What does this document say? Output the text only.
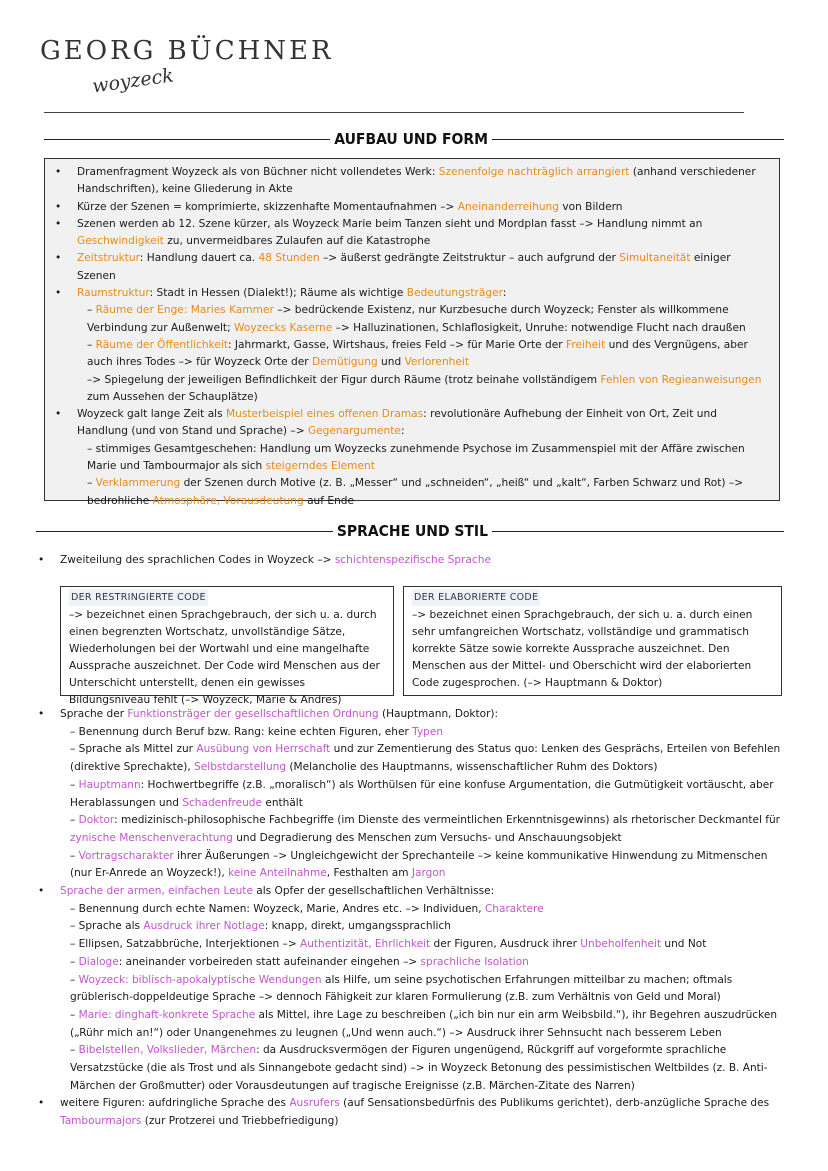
GEORG BÜCHNER
woyzeck
AUFBAU UND FORM
• Dramenfragment Woyzeck als von Büchner nicht vollendetes Werk: Szenenfolge nachträglich arrangiert (anhand verschiedener Handschriften), keine Gliederung in Akte
• Kürze der Szenen = komprimierte, skizzenhafte Momentaufnahmen –> Aneinanderreihung von Bildern
• Szenen werden ab 12. Szene kürzer, als Woyzeck Marie beim Tanzen sieht und Mordplan fasst –> Handlung nimmt an Geschwindigkeit zu, unvermeidbares Zulaufen auf die Katastrophe
• Zeitstruktur: Handlung dauert ca. 48 Stunden –> äußerst gedrängte Zeitstruktur – auch aufgrund der Simultaneität einiger Szenen
• Raumstruktur: Stadt in Hessen (Dialekt!); Räume als wichtige Bedeutungsträger:
– Räume der Enge: Maries Kammer –> bedrückende Existenz, nur Kurzbesuche durch Woyzeck; Fenster als willkommene Verbindung zur Außenwelt; Woyzecks Kaserne –> Halluzinationen, Schlaflosigkeit, Unruhe: notwendige Flucht nach draußen
– Räume der Öffentlichkeit: Jahrmarkt, Gasse, Wirtshaus, freies Feld –> für Marie Orte der Freiheit und des Vergnügens, aber auch ihres Todes –> für Woyzeck Orte der Demütigung und Verlorenheit
–> Spiegelung der jeweiligen Befindlichkeit der Figur durch Räume (trotz beinahe vollständigem Fehlen von Regieanweisungen zum Aussehen der Schauplätze)
• Woyzeck galt lange Zeit als Musterbeispiel eines offenen Dramas: revolutionäre Aufhebung der Einheit von Ort, Zeit und Handlung (und von Stand und Sprache) –> Gegenargumente:
– stimmiges Gesamtgeschehen: Handlung um Woyzecks zunehmende Psychose im Zusammenspiel mit der Affäre zwischen Marie und Tambourmajor als sich steigerndes Element
– Verklammerung der Szenen durch Motive (z. B. „Messer“ und „schneiden“, „heiß“ und „kalt“, Farben Schwarz und Rot) –> bedrohliche Atmosphäre, Vorausdeutung auf Ende
SPRACHE UND STIL
• Zweiteilung des sprachlichen Codes in Woyzeck –> schichtenspezifische Sprache
DER RESTRINGIERTE CODE
–> bezeichnet einen Sprachgebrauch, der sich u. a. durch einen begrenzten Wortschatz, unvollständige Sätze, Wiederholungen bei der Wortwahl und eine mangelhafte Aussprache auszeichnet. Der Code wird Menschen aus der Unterschicht unterstellt, denen ein gewisses Bildungsniveau fehlt (–> Woyzeck, Marie & Andres)
DER ELABORIERTE CODE
–> bezeichnet einen Sprachgebrauch, der sich u. a. durch einen sehr umfangreichen Wortschatz, vollständige und grammatisch korrekte Sätze sowie korrekte Aussprache auszeichnet. Den Menschen aus der Mittel- und Oberschicht wird der elaborierten Code zugesprochen. (–> Hauptmann & Doktor)
• Sprache der Funktionsträger der gesellschaftlichen Ordnung (Hauptmann, Doktor):
– Benennung durch Beruf bzw. Rang: keine echten Figuren, eher Typen
– Sprache als Mittel zur Ausübung von Herrschaft und zur Zementierung des Status quo: Lenken des Gesprächs, Erteilen von Befehlen (direktive Sprechakte), Selbstdarstellung (Melancholie des Hauptmanns, wissenschaftlicher Ruhm des Doktors)
– Hauptmann: Hochwertbegriffe (z.B. „moralisch“) als Worthülsen für eine konfuse Argumentation, die Gutmütigkeit vortäuscht, aber Herablassungen und Schadenfreude enthält
– Doktor: medizinisch-philosophische Fachbegriffe (im Dienste des vermeintlichen Erkenntnisgewinns) als rhetorischer Deckmantel für zynische Menschenverachtung und Degradierung des Menschen zum Versuchs- und Anschauungsobjekt
– Vortragscharakter ihrer Äußerungen –> Ungleichgewicht der Sprechanteile –> keine kommunikative Hinwendung zu Mitmenschen (nur Er-Anrede an Woyzeck!), keine Anteilnahme, Festhalten am Jargon
• Sprache der armen, einfachen Leute als Opfer der gesellschaftlichen Verhältnisse:
– Benennung durch echte Namen: Woyzeck, Marie, Andres etc. –> Individuen, Charaktere
– Sprache als Ausdruck ihrer Notlage: knapp, direkt, umgangssprachlich
– Ellipsen, Satzabbrüche, Interjektionen –> Authentizität, Ehrlichkeit der Figuren, Ausdruck ihrer Unbeholfenheit und Not
– Dialoge: aneinander vorbeireden statt aufeinander eingehen –> sprachliche Isolation
– Woyzeck: biblisch-apokalyptische Wendungen als Hilfe, um seine psychotischen Erfahrungen mitteilbar zu machen; oftmals grüblerisch-doppeldeutige Sprache –> dennoch Fähigkeit zur klaren Formulierung (z.B. zum Verhältnis von Geld und Moral)
– Marie: dinghaft-konkrete Sprache als Mittel, ihre Lage zu beschreiben („ich bin nur ein arm Weibsbild.“), ihr Begehren auszudrücken („Rühr mich an!“) oder Unangenehmes zu leugnen („Und wenn auch.“) –> Ausdruck ihrer Sehnsucht nach besserem Leben
– Bibelstellen, Volkslieder, Märchen: da Ausdrucksvermögen der Figuren ungenügend, Rückgriff auf vorgeformte sprachliche Versatzstücke (die als Trost und als Sinnangebote gedacht sind) –> in Woyzeck Betonung des pessimistischen Weltbildes (z. B. Anti-Märchen der Großmutter) oder Vorausdeutungen auf tragische Ereignisse (z.B. Märchen-Zitate des Narren)
• weitere Figuren: aufdringliche Sprache des Ausrufers (auf Sensationsbedürfnis des Publikums gerichtet), derb-anzügliche Sprache des Tambourmajors (zur Protzerei und Triebbefriedigung)
